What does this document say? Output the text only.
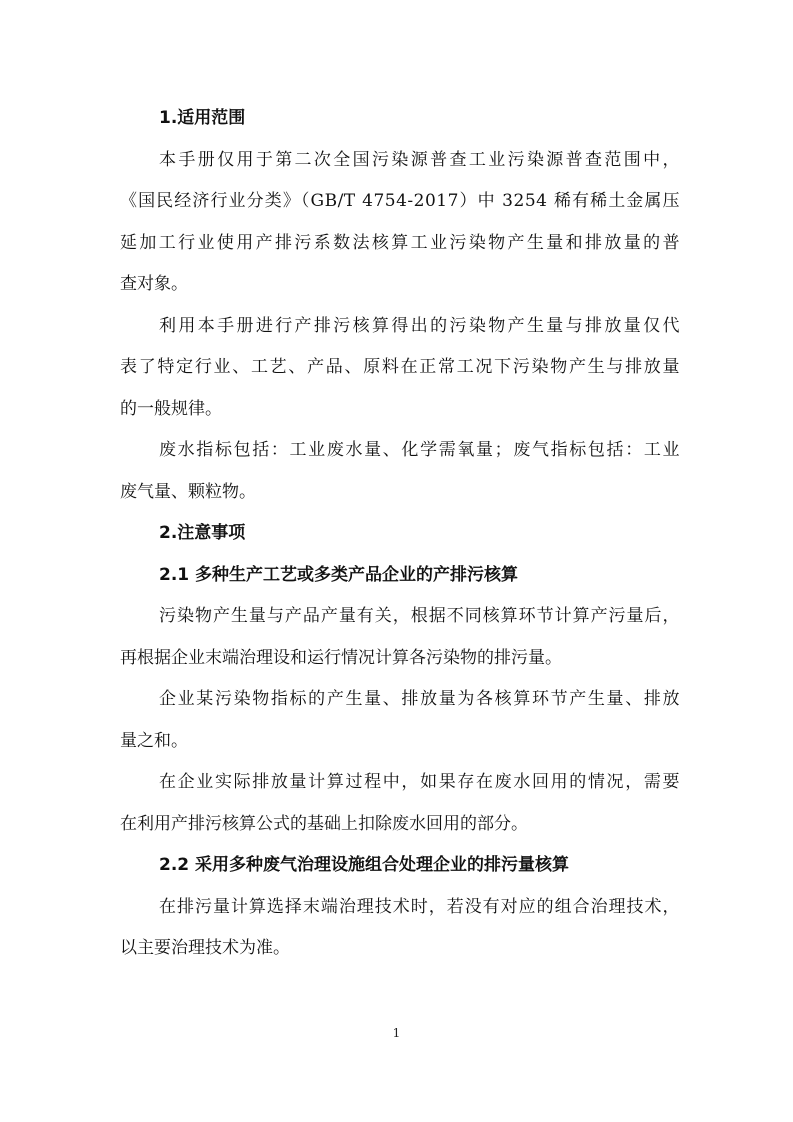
1.适用范围
本手册仅用于第二次全国污染源普查工业污染源普查范围中，
《国民经济行业分类》（GB/T 4754-2017）中 3254 稀有稀土金属压
延加工行业使用产排污系数法核算工业污染物产生量和排放量的普
查对象。
利用本手册进行产排污核算得出的污染物产生量与排放量仅代
表了特定行业、工艺、产品、原料在正常工况下污染物产生与排放量
的一般规律。
废水指标包括：工业废水量、化学需氧量；废气指标包括：工业
废气量、颗粒物。
2.注意事项
2.1 多种生产工艺或多类产品企业的产排污核算
污染物产生量与产品产量有关，根据不同核算环节计算产污量后，
再根据企业末端治理设和运行情况计算各污染物的排污量。
企业某污染物指标的产生量、排放量为各核算环节产生量、排放
量之和。
在企业实际排放量计算过程中，如果存在废水回用的情况，需要
在利用产排污核算公式的基础上扣除废水回用的部分。
2.2 采用多种废气治理设施组合处理企业的排污量核算
在排污量计算选择末端治理技术时，若没有对应的组合治理技术，
以主要治理技术为准。
1
